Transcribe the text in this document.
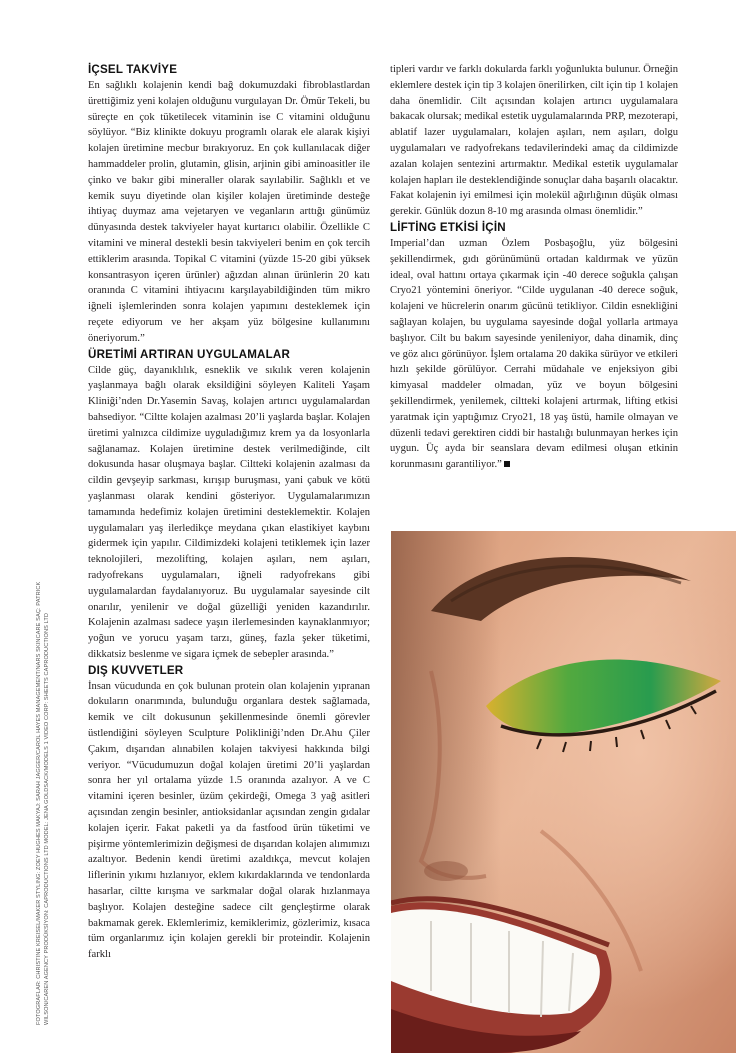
FOTOĞRAFLAR: CHRISTINE KREISEL/MAKER STYLING: ZOEY HUGHES MAKYAJ: SARAH JAGGER/CAROL HAYES MANAGEMENT/NARS SKINCARE SAÇ: PATRICK WILSON/CAREN AGENCY PRODÜKSİYON: CAPRODUCTIONS LTD MODEL: JENA GOLDSACK/MODELS 1 VIDEO CORP: SHEETS CAPRODUCTIONS LTD
İÇSEL TAKVİYE

En sağlıklı kolajenin kendi bağ dokumuzdaki fibroblastlardan ürettiğimiz yeni kolajen olduğunu vurgulayan Dr. Ömür Tekeli, bu süreçte en çok tüketilecek vitaminin ise C vitamini olduğunu söylüyor. “Biz klinikte dokuyu programlı olarak ele alarak kişiyi kolajen üretimine mecbur bırakıyoruz. En çok kullanılacak diğer hammaddeler prolin, glutamin, glisin, arjinin gibi aminoasitler ile çinko ve bakır gibi mineraller olarak sayılabilir. Sağlıklı et ve kemik suyu diyetinde olan kişiler kolajen üretiminde desteğe ihtiyaç duymaz ama vejetaryen ve veganların arttığı günümüz dünyasında destek takviyeler hayat kurtarıcı olabilir. Özellikle C vitamini ve mineral destekli besin takviyeleri benim en çok tercih ettiklerim arasında. Topikal C vitamini (yüzde 15-20 gibi yüksek konsantrasyon içeren ürünler) ağızdan alınan ürünlerin 20 katı oranında C vitamini ihtiyacını karşılayabildiğinden tüm mikro iğneli işlemlerinden sonra kolajen yapımını desteklemek için reçete ediyorum ve her akşam yüz bölgesine kullanımını öneriyorum.”

ÜRETİMİ ARTIRAN UYGULAMALAR

Cilde güç, dayanıklılık, esneklik ve sıkılık veren kolajenin yaşlanmaya bağlı olarak eksildiğini söyleyen Kaliteli Yaşam Kliniği’nden Dr.Yasemin Savaş, kolajen artırıcı uygulamalardan bahsediyor. “Ciltte kolajen azalması 20’li yaşlarda başlar. Kolajen üretimi yalnızca cildimize uyguladığımız krem ya da losyonlarla sağlanamaz. Kolajen üretimine destek verilmediğinde, cilt dokusunda hasar oluşmaya başlar. Ciltteki kolajenin azalması da cildin gevşeyip sarkması, kırışıp buruşması, yani çabuk ve kötü yaşlanması olarak kendini gösteriyor. Uygulamalarımızın tamamında hedefimiz kolajen üretimini desteklemektir. Kolajen uygulamaları yaş ilerledikçe meydana çıkan elastikiyet kaybını gidermek için yapılır. Cildimizdeki kolajeni tetiklemek için lazer teknolojileri, mezolifting, kolajen aşıları, nem aşıları, radyofrekans uygulamaları, iğneli radyofrekans gibi uygulamalardan faydalanıyoruz. Bu uygulamalar sayesinde cilt onarılır, yenilenir ve doğal güzelliği yeniden kazandırılır. Kolajenin azalması sadece yaşın ilerlemesinden kaynaklanmıyor; yoğun ve yorucu yaşam tarzı, güneş, fazla şeker tüketimi, dikkatsiz beslenme ve sigara içmek de sebepler arasında.”

DIŞ KUVVETLER

İnsan vücudunda en çok bulunan protein olan kolajenin yıpranan dokuların onarımında, bulunduğu organlara destek sağlamada, kemik ve cilt dokusunun şekillenmesinde önemli görevler üstlendiğini söyleyen Sculpture Polikliniği’nden Dr.Ahu Çiler Çakım, dışarıdan alınabilen kolajen takviyesi hakkında bilgi veriyor. “Vücudumuzun doğal kolajen üretimi 20’li yaşlardan sonra her yıl ortalama yüzde 1.5 oranında azalıyor. A ve C vitamini içeren besinler, üzüm çekirdeği, Omega 3 yağ asitleri açısından zengin besinler, antioksidanlar açısından zengin gıdalar kolajen içerir. Fakat paketli ya da fastfood ürün tüketimi ve pişirme yöntemlerimizin değişmesi de dışarıdan kolajen alımımızı azaltıyor. Bedenin kendi üretimi azaldıkça, mevcut kolajen liflerinin yıkımı hızlanıyor, eklem kıkırdaklarında ve tendonlarda hasarlar, ciltte kırışma ve sarkmalar doğal olarak hızlanmaya başlıyor. Kolajen desteğine sadece cilt gençleştirme olarak bakmamak gerek. Eklemlerimiz, kemiklerimiz, gözlerimiz, kısaca tüm organlarımız için kolajen gerekli bir proteindir. Kolajenin farklı

tipleri vardır ve farklı dokularda farklı yoğunlukta bulunur. Örneğin eklemlere destek için tip 3 kolajen önerilirken, cilt için tip 1 kolajen daha önemlidir. Cilt açısından kolajen artırıcı uygulamalara bakacak olursak; medikal estetik uygulamalarında PRP, mezoterapi, ablatif lazer uygulamaları, kolajen aşıları, nem aşıları, dolgu uygulamaları ve radyofrekans tedavilerindeki amaç da cildimizde azalan kolajen sentezini artırmaktır. Medikal estetik uygulamalar kolajen hapları ile desteklendiğinde sonuçlar daha başarılı olacaktır. Fakat kolajenin iyi emilmesi için molekül ağırlığının düşük olması gerekir. Günlük dozun 8-10 mg arasında olması önemlidir.”

LİFTİNG ETKİSİ İÇİN

Imperial’dan uzman Özlem Posbaşoğlu, yüz bölgesini şekillendirmek, gıdı görünümünü ortadan kaldırmak ve yüzün ideal, oval hattını ortaya çıkarmak için -40 derece soğukla çalışan Cryo21 yöntemini öneriyor. “Cilde uygulanan -40 derece soğuk, kolajeni ve hücrelerin onarım gücünü tetikliyor. Cildin esnekliğini sağlayan kolajen, bu uygulama sayesinde doğal yollarla artmaya başlıyor. Cilt bu bakım sayesinde yenileniyor, daha dinamik, dinç ve göz alıcı görünüyor. İşlem ortalama 20 dakika sürüyor ve etkileri hızlı şekilde görülüyor. Cerrahi müdahale ve enjeksiyon gibi kimyasal maddeler olmadan, yüz ve boyun bölgesini şekillendirmek, yenilemek, ciltteki kolajeni artırmak, lifting etkisi yaratmak için yaptığımız Cryo21, 18 yaş üstü, hamile olmayan ve düzenli tedavi gerektiren ciddi bir hastalığı bulunmayan herkes için uygun. Üç ayda bir seanslara devam edilmesi oluşan etkinin korunmasını garantiliyor.”
